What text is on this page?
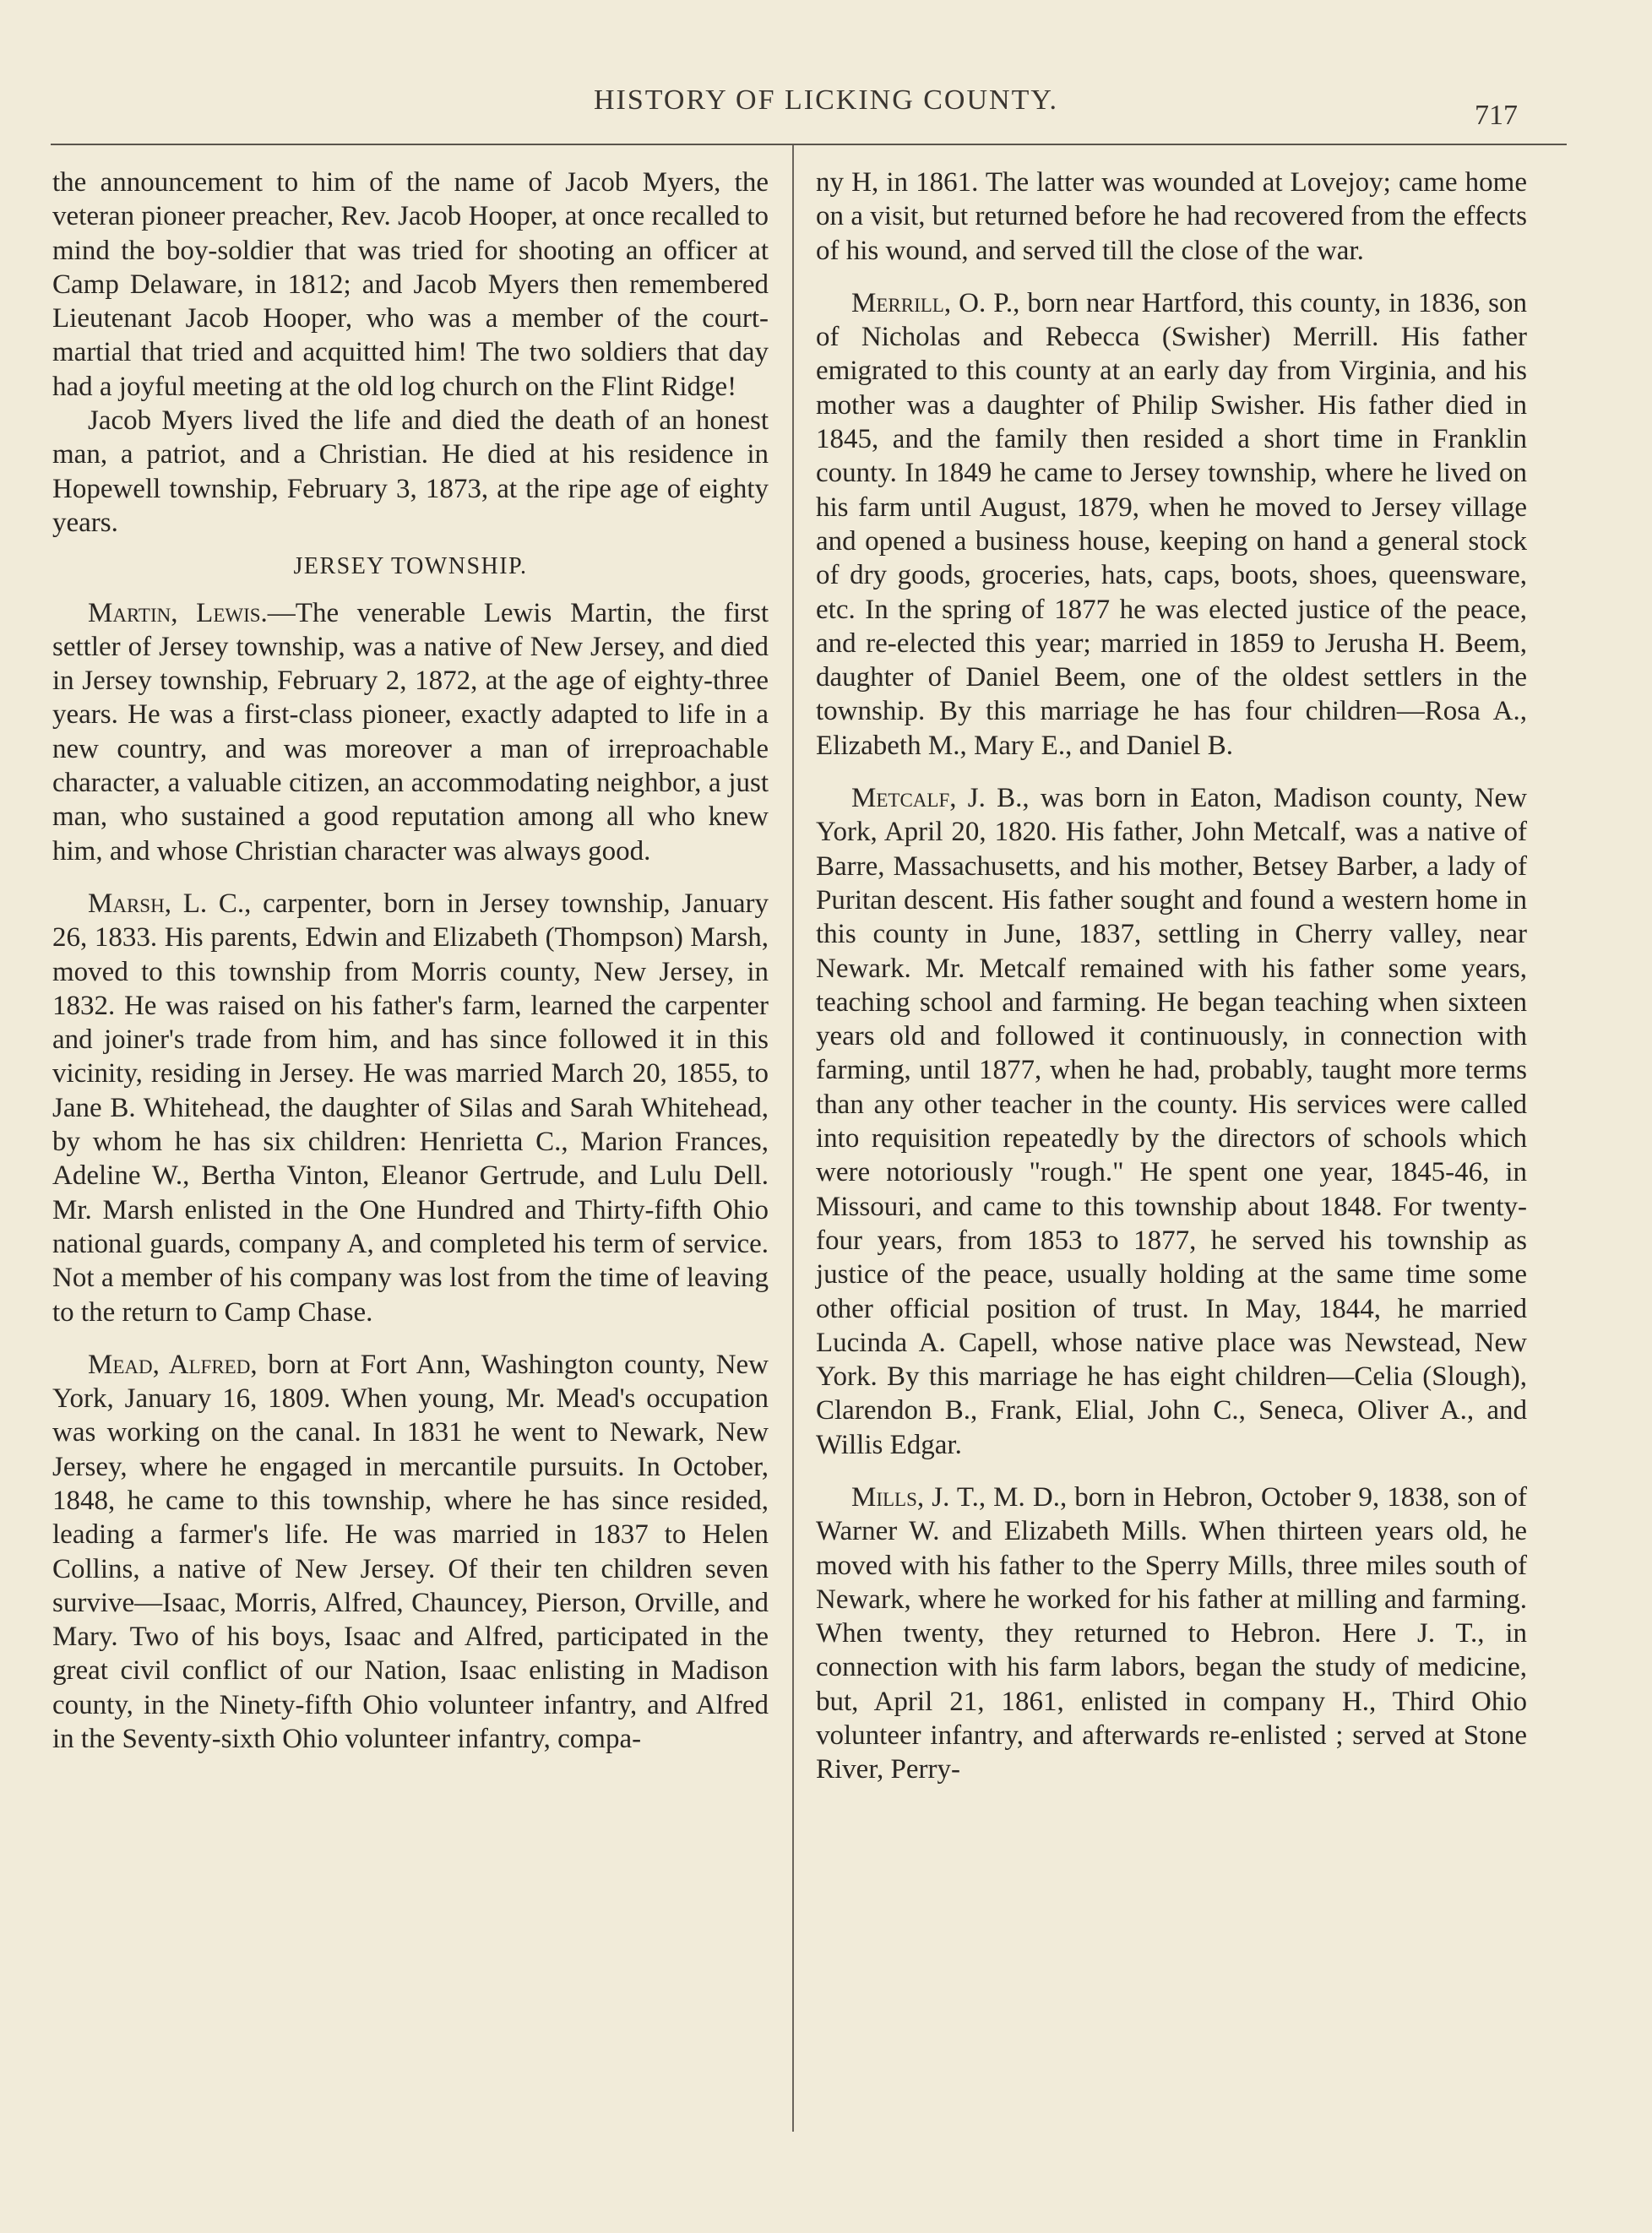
HISTORY OF LICKING COUNTY.	717

the announcement to him of the name of Jacob Myers, the veteran pioneer preacher, Rev. Jacob Hooper, at once recalled to mind the boy-soldier that was tried for shooting an officer at Camp Delaware, in 1812; and Jacob Myers then remembered Lieutenant Jacob Hooper, who was a member of the court-martial that tried and acquitted him! The two soldiers that day had a joyful meeting at the old log church on the Flint Ridge!

Jacob Myers lived the life and died the death of an honest man, a patriot, and a Christian. He died at his residence in Hopewell township, February 3, 1873, at the ripe age of eighty years.

JERSEY TOWNSHIP.

Martin, Lewis.—The venerable Lewis Martin, the first settler of Jersey township, was a native of New Jersey, and died in Jersey township, February 2, 1872, at the age of eighty-three years. He was a first-class pioneer, exactly adapted to life in a new country, and was moreover a man of irreproachable character, a valuable citizen, an accommodating neighbor, a just man, who sustained a good reputation among all who knew him, and whose Christian character was always good.

Marsh, L. C., carpenter, born in Jersey township, January 26, 1833. His parents, Edwin and Elizabeth (Thompson) Marsh, moved to this township from Morris county, New Jersey, in 1832. He was raised on his father's farm, learned the carpenter and joiner's trade from him, and has since followed it in this vicinity, residing in Jersey. He was married March 20, 1855, to Jane B. Whitehead, the daughter of Silas and Sarah Whitehead, by whom he has six children: Henrietta C., Marion Frances, Adeline W., Bertha Vinton, Eleanor Gertrude, and Lulu Dell. Mr. Marsh enlisted in the One Hundred and Thirty-fifth Ohio national guards, company A, and completed his term of service. Not a member of his company was lost from the time of leaving to the return to Camp Chase.

Mead, Alfred, born at Fort Ann, Washington county, New York, January 16, 1809. When young, Mr. Mead's occupation was working on the canal. In 1831 he went to Newark, New Jersey, where he engaged in mercantile pursuits. In October, 1848, he came to this township, where he has since resided, leading a farmer's life. He was married in 1837 to Helen Collins, a native of New Jersey. Of their ten children seven survive—Isaac, Morris, Alfred, Chauncey, Pierson, Orville, and Mary. Two of his boys, Isaac and Alfred, participated in the great civil conflict of our Nation, Isaac enlisting in Madison county, in the Ninety-fifth Ohio volunteer infantry, and Alfred in the Seventy-sixth Ohio volunteer infantry, compa-

ny H, in 1861. The latter was wounded at Lovejoy; came home on a visit, but returned before he had recovered from the effects of his wound, and served till the close of the war.

Merrill, O. P., born near Hartford, this county, in 1836, son of Nicholas and Rebecca (Swisher) Merrill. His father emigrated to this county at an early day from Virginia, and his mother was a daughter of Philip Swisher. His father died in 1845, and the family then resided a short time in Franklin county. In 1849 he came to Jersey township, where he lived on his farm until August, 1879, when he moved to Jersey village and opened a business house, keeping on hand a general stock of dry goods, groceries, hats, caps, boots, shoes, queensware, etc. In the spring of 1877 he was elected justice of the peace, and re-elected this year; married in 1859 to Jerusha H. Beem, daughter of Daniel Beem, one of the oldest settlers in the township. By this marriage he has four children—Rosa A., Elizabeth M., Mary E., and Daniel B.

Metcalf, J. B., was born in Eaton, Madison county, New York, April 20, 1820. His father, John Metcalf, was a native of Barre, Massachusetts, and his mother, Betsey Barber, a lady of Puritan descent. His father sought and found a western home in this county in June, 1837, settling in Cherry valley, near Newark. Mr. Metcalf remained with his father some years, teaching school and farming. He began teaching when sixteen years old and followed it continuously, in connection with farming, until 1877, when he had, probably, taught more terms than any other teacher in the county. His services were called into requisition repeatedly by the directors of schools which were notoriously "rough." He spent one year, 1845-46, in Missouri, and came to this township about 1848. For twenty-four years, from 1853 to 1877, he served his township as justice of the peace, usually holding at the same time some other official position of trust. In May, 1844, he married Lucinda A. Capell, whose native place was Newstead, New York. By this marriage he has eight children—Celia (Slough), Clarendon B., Frank, Elial, John C., Seneca, Oliver A., and Willis Edgar.

Mills, J. T., M. D., born in Hebron, October 9, 1838, son of Warner W. and Elizabeth Mills. When thirteen years old, he moved with his father to the Sperry Mills, three miles south of Newark, where he worked for his father at milling and farming. When twenty, they returned to Hebron. Here J. T., in connection with his farm labors, began the study of medicine, but, April 21, 1861, enlisted in company H., Third Ohio volunteer infantry, and afterwards re-enlisted ; served at Stone River, Perry-
